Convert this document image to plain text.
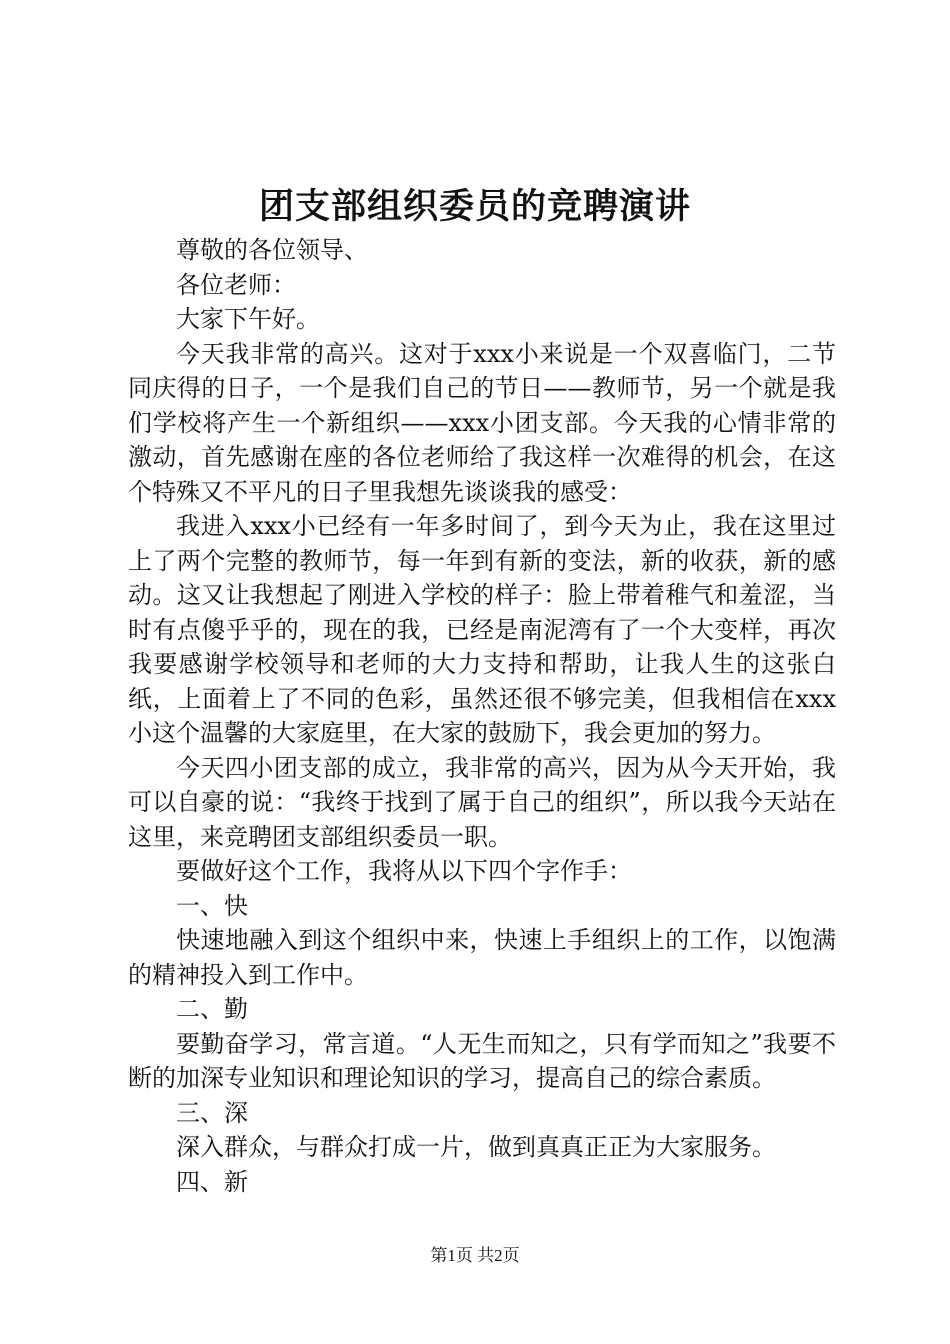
团支部组织委员的竞聘演讲

尊敬的各位领导、

各位老师：

大家下午好。

今天我非常的高兴。这对于xxx小来说是一个双喜临门，二节同庆得的日子，一个是我们自己的节日——教师节，另一个就是我们学校将产生一个新组织——xxx小团支部。今天我的心情非常的激动，首先感谢在座的各位老师给了我这样一次难得的机会，在这个特殊又不平凡的日子里我想先谈谈我的感受：

我进入xxx小已经有一年多时间了，到今天为止，我在这里过上了两个完整的教师节，每一年到有新的变法，新的收获，新的感动。这又让我想起了刚进入学校的样子：脸上带着稚气和羞涩，当时有点傻乎乎的，现在的我，已经是南泥湾有了一个大变样，再次我要感谢学校领导和老师的大力支持和帮助，让我人生的这张白纸，上面着上了不同的色彩，虽然还很不够完美，但我相信在xxx小这个温馨的大家庭里，在大家的鼓励下，我会更加的努力。

今天四小团支部的成立，我非常的高兴，因为从今天开始，我可以自豪的说：“我终于找到了属于自己的组织”，所以我今天站在这里，来竞聘团支部组织委员一职。

要做好这个工作，我将从以下四个字作手：

一、快

快速地融入到这个组织中来，快速上手组织上的工作，以饱满的精神投入到工作中。

二、勤

要勤奋学习，常言道。“人无生而知之，只有学而知之”我要不断的加深专业知识和理论知识的学习，提高自己的综合素质。

三、深

深入群众，与群众打成一片，做到真真正正为大家服务。

四、新

第1页 共2页
